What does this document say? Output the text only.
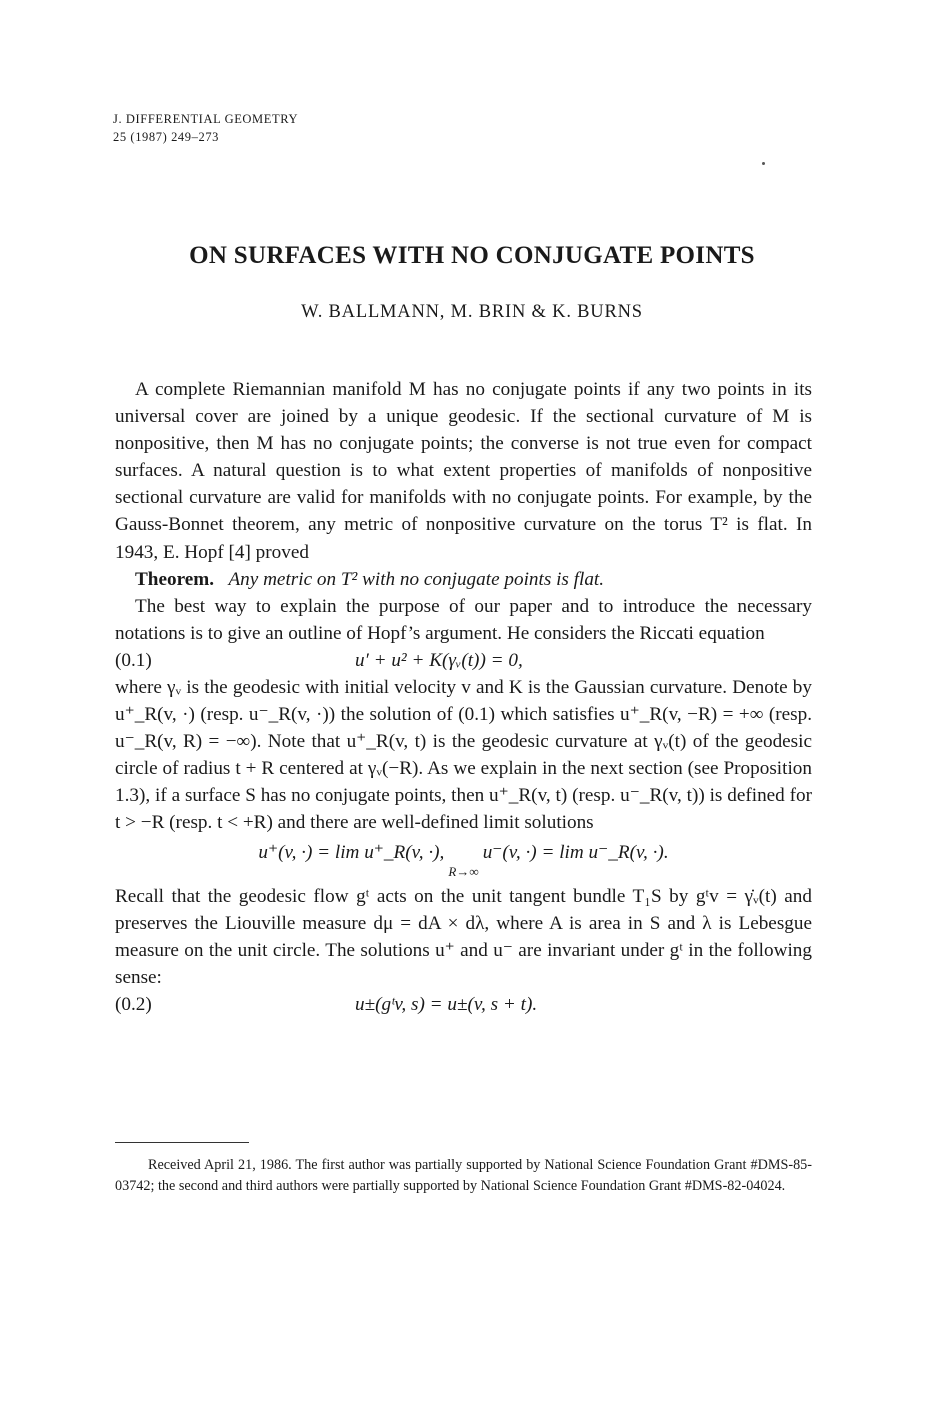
J. DIFFERENTIAL GEOMETRY
25 (1987) 249–273
ON SURFACES WITH NO CONJUGATE POINTS
W. BALLMANN, M. BRIN & K. BURNS

A complete Riemannian manifold M has no conjugate points if any two points in its universal cover are joined by a unique geodesic. If the sectional curvature of M is nonpositive, then M has no conjugate points; the converse is not true even for compact surfaces. A natural question is to what extent properties of manifolds of nonpositive sectional curvature are valid for manifolds with no conjugate points. For example, by the Gauss-Bonnet theorem, any metric of nonpositive curvature on the torus T² is flat. In 1943, E. Hopf [4] proved

Theorem. Any metric on T² with no conjugate points is flat.

The best way to explain the purpose of our paper and to introduce the necessary notations is to give an outline of Hopf’s argument. He considers the Riccati equation

(0.1)	u′ + u² + K(γᵥ(t)) = 0,

where γᵥ is the geodesic with initial velocity v and K is the Gaussian curvature. Denote by u⁺_R(v, ·) (resp. u⁻_R(v, ·)) the solution of (0.1) which satisfies u⁺_R(v, −R) = +∞ (resp. u⁻_R(v, R) = −∞). Note that u⁺_R(v, t) is the geodesic curvature at γᵥ(t) of the geodesic circle of radius t + R centered at γᵥ(−R). As we explain in the next section (see Proposition 1.3), if a surface S has no conjugate points, then u⁺_R(v, t) (resp. u⁻_R(v, t)) is defined for t > −R (resp. t < +R) and there are well-defined limit solutions

u⁺(v, ·) = lim u⁺_R(v, ·), u⁻(v, ·) = lim u⁻_R(v, ·).
R→∞

Recall that the geodesic flow gᵗ acts on the unit tangent bundle T₁S by gᵗv = γ̇ᵥ(t) and preserves the Liouville measure dμ = dA × dλ, where A is area in S and λ is Lebesgue measure on the unit circle. The solutions u⁺ and u⁻ are invariant under gᵗ in the following sense:

(0.2)	u±(gᵗv, s) = u±(v, s + t).
Received April 21, 1986. The first author was partially supported by National Science Foundation Grant #DMS-85-03742; the second and third authors were partially supported by National Science Foundation Grant #DMS-82-04024.
